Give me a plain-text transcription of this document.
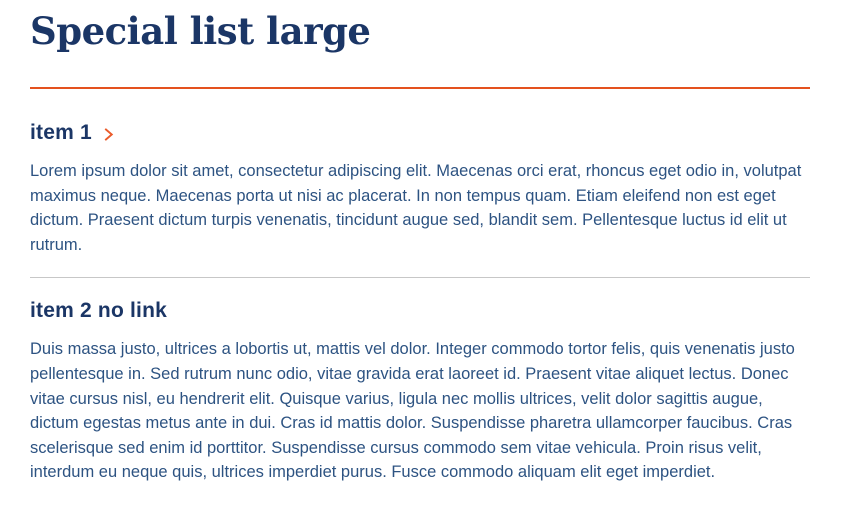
Special list large
item 1

Lorem ipsum dolor sit amet, consectetur adipiscing elit. Maecenas orci erat, rhoncus eget odio in, volutpat maximus neque. Maecenas porta ut nisi ac placerat. In non tempus quam. Etiam eleifend non est eget dictum. Praesent dictum turpis venenatis, tincidunt augue sed, blandit sem. Pellentesque luctus id elit ut rutrum.

item 2 no link

Duis massa justo, ultrices a lobortis ut, mattis vel dolor. Integer commodo tortor felis, quis venenatis justo pellentesque in. Sed rutrum nunc odio, vitae gravida erat laoreet id. Praesent vitae aliquet lectus. Donec vitae cursus nisl, eu hendrerit elit. Quisque varius, ligula nec mollis ultrices, velit dolor sagittis augue, dictum egestas metus ante in dui. Cras id mattis dolor. Suspendisse pharetra ullamcorper faucibus. Cras scelerisque sed enim id porttitor. Suspendisse cursus commodo sem vitae vehicula. Proin risus velit, interdum eu neque quis, ultrices imperdiet purus. Fusce commodo aliquam elit eget imperdiet.
